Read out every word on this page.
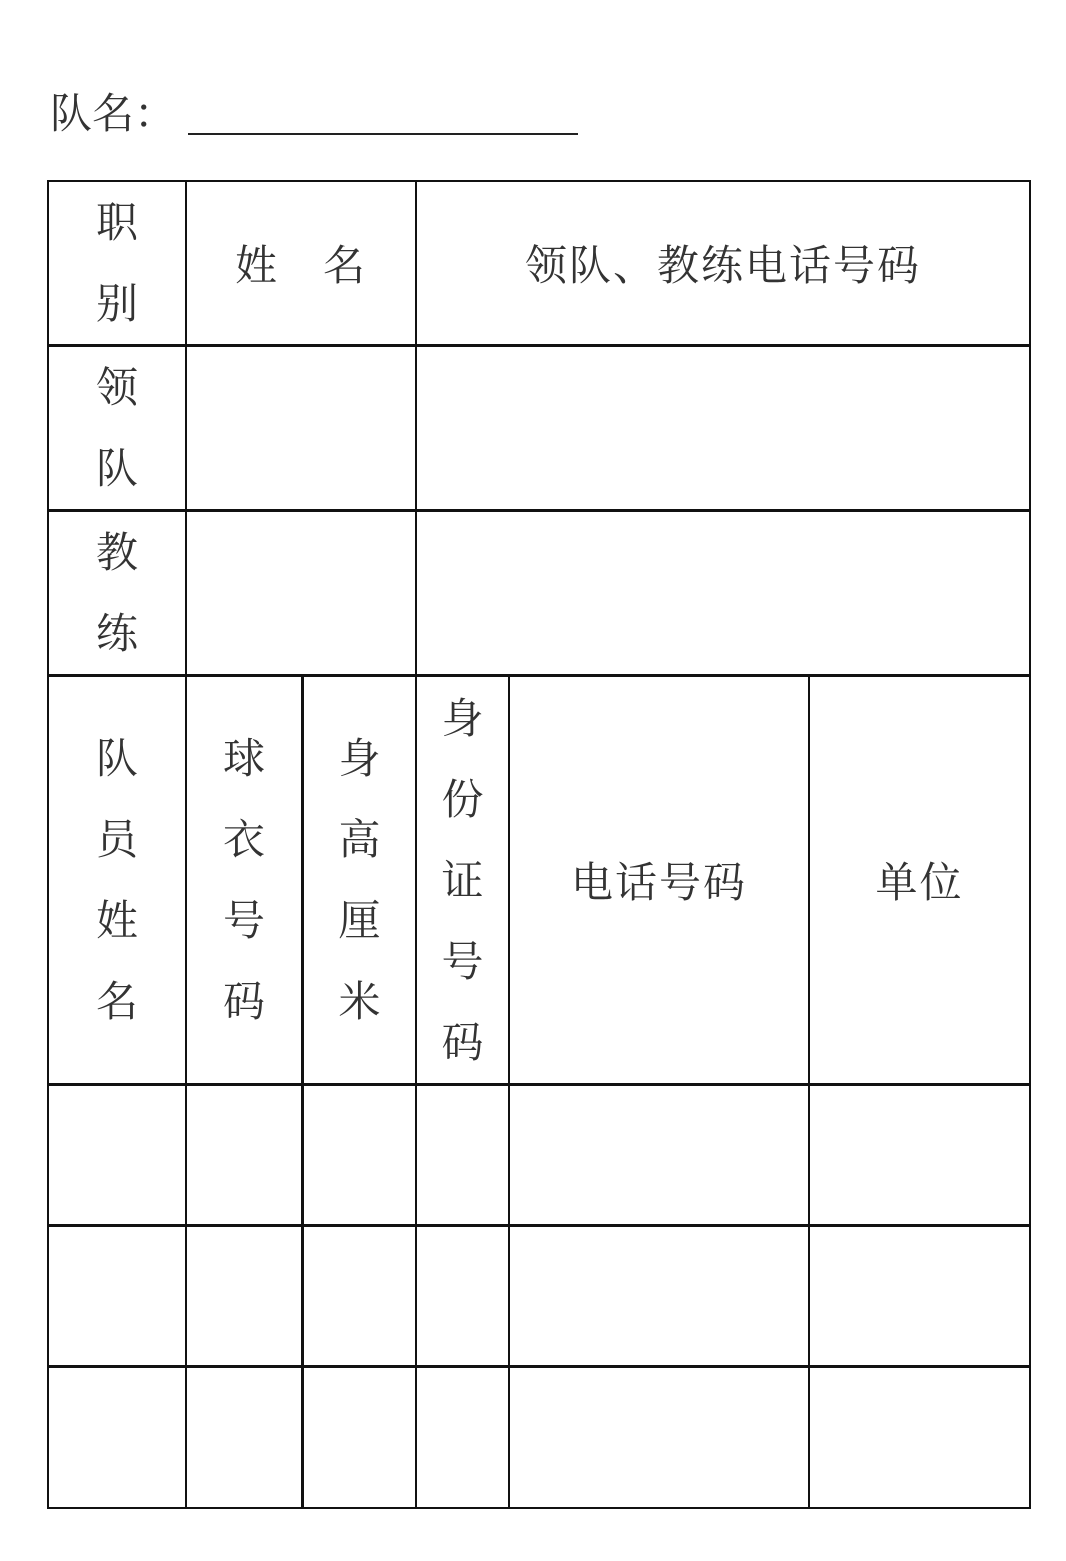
队名：
职
别
姓　名	领队、教练电话号码
领
队
教
练
队
员
姓
名
球
衣
号
码
身
高
厘
米
身
份
证
号
码
电话号码	单位
